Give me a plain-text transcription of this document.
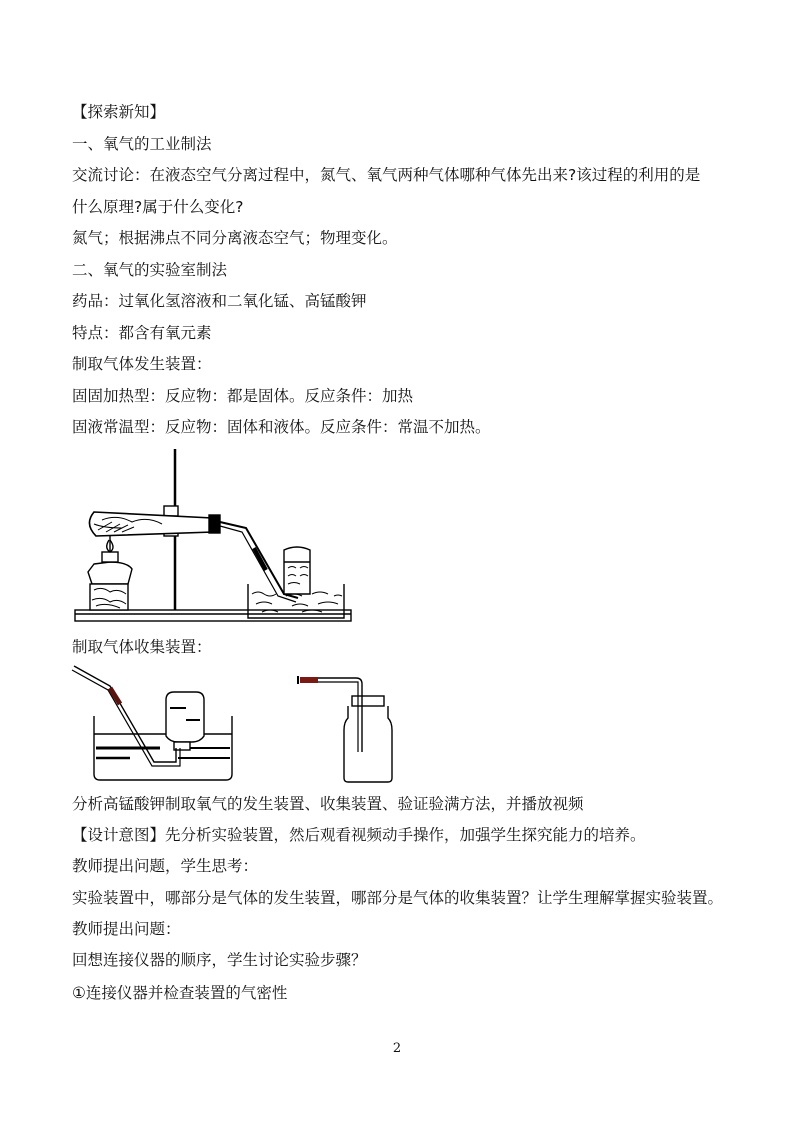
【探索新知】
一、氧气的工业制法
交流讨论：在液态空气分离过程中，氮气、氧气两种气体哪种气体先出来?该过程的利用的是
什么原理?属于什么变化?
氮气；根据沸点不同分离液态空气；物理变化。
二、氧气的实验室制法
药品：过氧化氢溶液和二氧化锰、高锰酸钾
特点：都含有氧元素
制取气体发生装置：
固固加热型：反应物：都是固体。反应条件：加热
固液常温型：反应物：固体和液体。反应条件：常温不加热。
制取气体收集装置：
分析高锰酸钾制取氧气的发生装置、收集装置、验证验满方法，并播放视频
【设计意图】先分析实验装置，然后观看视频动手操作，加强学生探究能力的培养。
教师提出问题，学生思考：
实验装置中，哪部分是气体的发生装置，哪部分是气体的收集装置？让学生理解掌握实验装置。
教师提出问题：
回想连接仪器的顺序，学生讨论实验步骤？
①连接仪器并检查装置的气密性
2
